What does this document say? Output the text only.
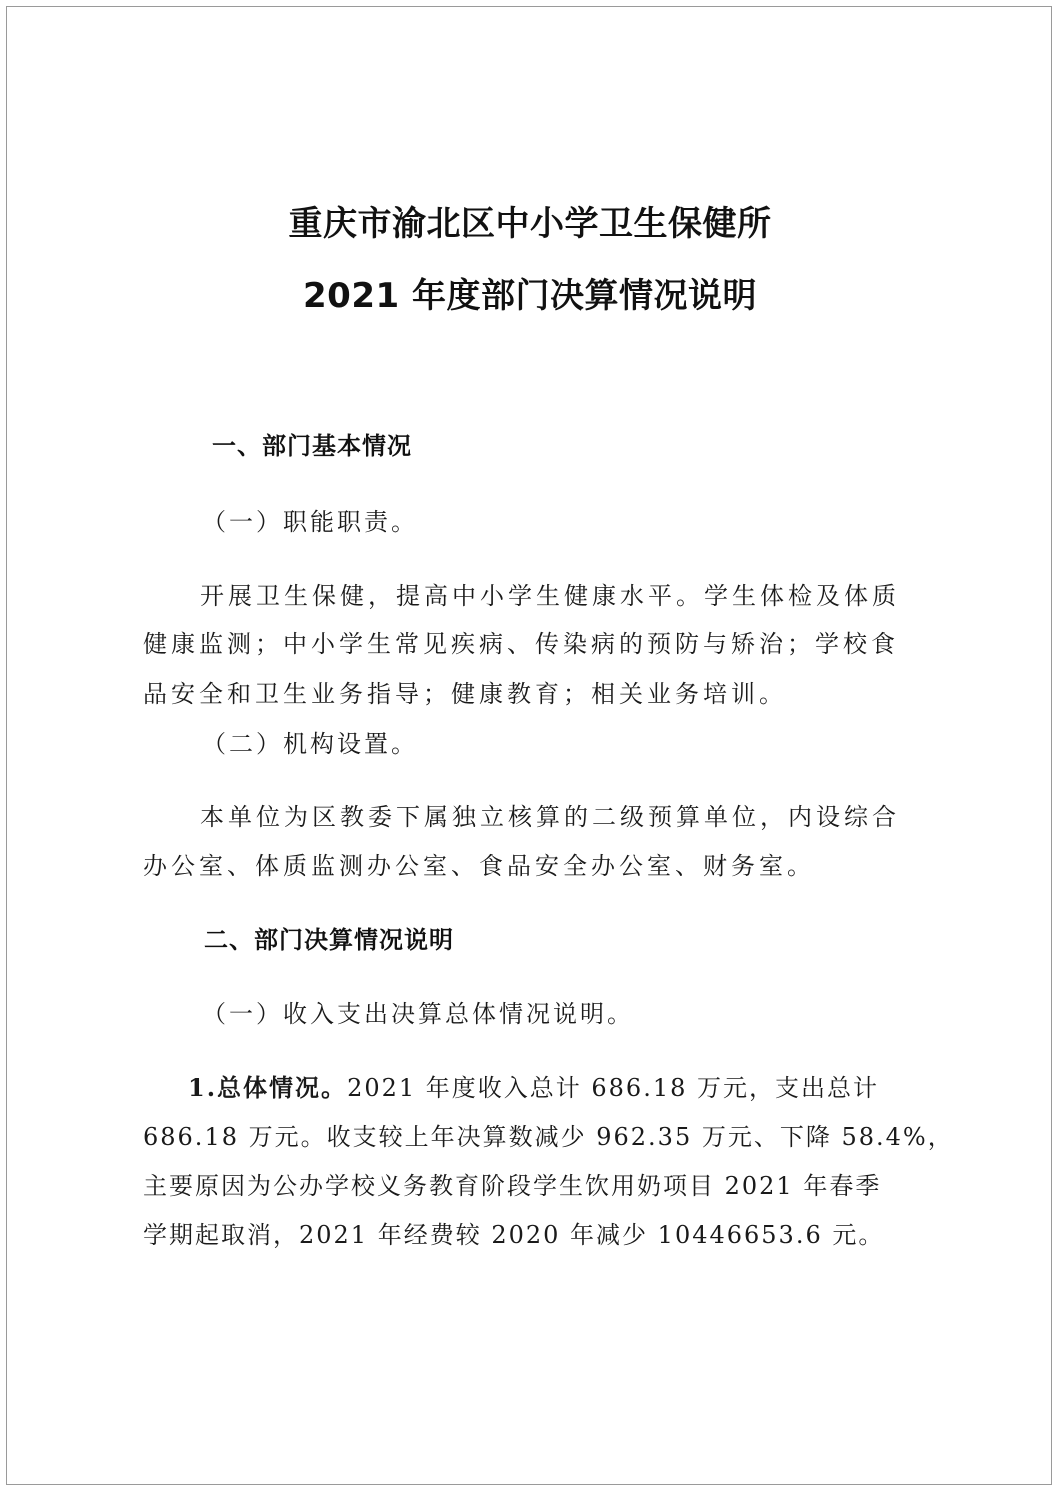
重庆市渝北区中小学卫生保健所
2021 年度部门决算情况说明
一、部门基本情况
（一）职能职责。
开展卫生保健，提高中小学生健康水平。学生体检及体质
健康监测；中小学生常见疾病、传染病的预防与矫治；学校食
品安全和卫生业务指导；健康教育；相关业务培训。
（二）机构设置。
本单位为区教委下属独立核算的二级预算单位，内设综合
办公室、体质监测办公室、食品安全办公室、财务室。
二、部门决算情况说明
（一）收入支出决算总体情况说明。
1.总体情况。2021 年度收入总计 686.18 万元，支出总计
686.18 万元。收支较上年决算数减少 962.35 万元、下降 58.4%，
主要原因为公办学校义务教育阶段学生饮用奶项目 2021 年春季
学期起取消，2021 年经费较 2020 年减少 10446653.6 元。
